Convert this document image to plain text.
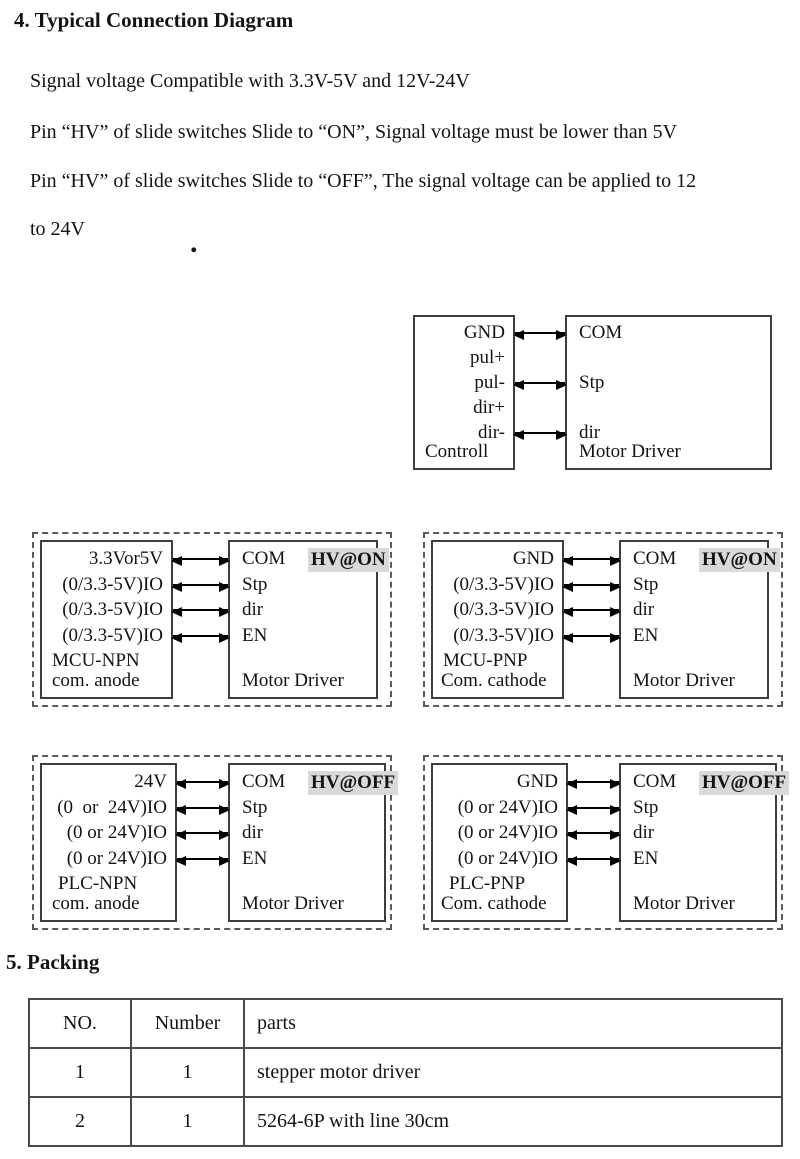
4. Typical Connection Diagram
Signal voltage Compatible with 3.3V-5V and 12V-24V
Pin “HV” of slide switches Slide to “ON”, Signal voltage must be lower than 5V
Pin “HV” of slide switches Slide to “OFF”, The signal voltage can be applied to 12
to 24V	.
GND
pul+
pul-
dir+
dir-
Controll
COM
Stp
dir
Motor Driver
3.3Vor5V
(0/3.3-5V)IO
(0/3.3-5V)IO
(0/3.3-5V)IO
MCU-NPN
com. anode
COM
Stp
dir
EN
HV@ON
Motor Driver
GND
(0/3.3-5V)IO
(0/3.3-5V)IO
(0/3.3-5V)IO
MCU-PNP
Com. cathode
COM
Stp
dir
EN
HV@ON
Motor Driver
24V
(0  or  24V)IO
(0 or 24V)IO
(0 or 24V)IO
PLC-NPN
com. anode
COM
Stp
dir
EN
HV@OFF
Motor Driver
GND
(0 or 24V)IO
(0 or 24V)IO
(0 or 24V)IO
PLC-PNP
Com. cathode
COM
Stp
dir
EN
HV@OFF
Motor Driver
5. Packing
NO.	Number	parts
1	1	stepper motor driver
2	1	5264-6P with line 30cm
